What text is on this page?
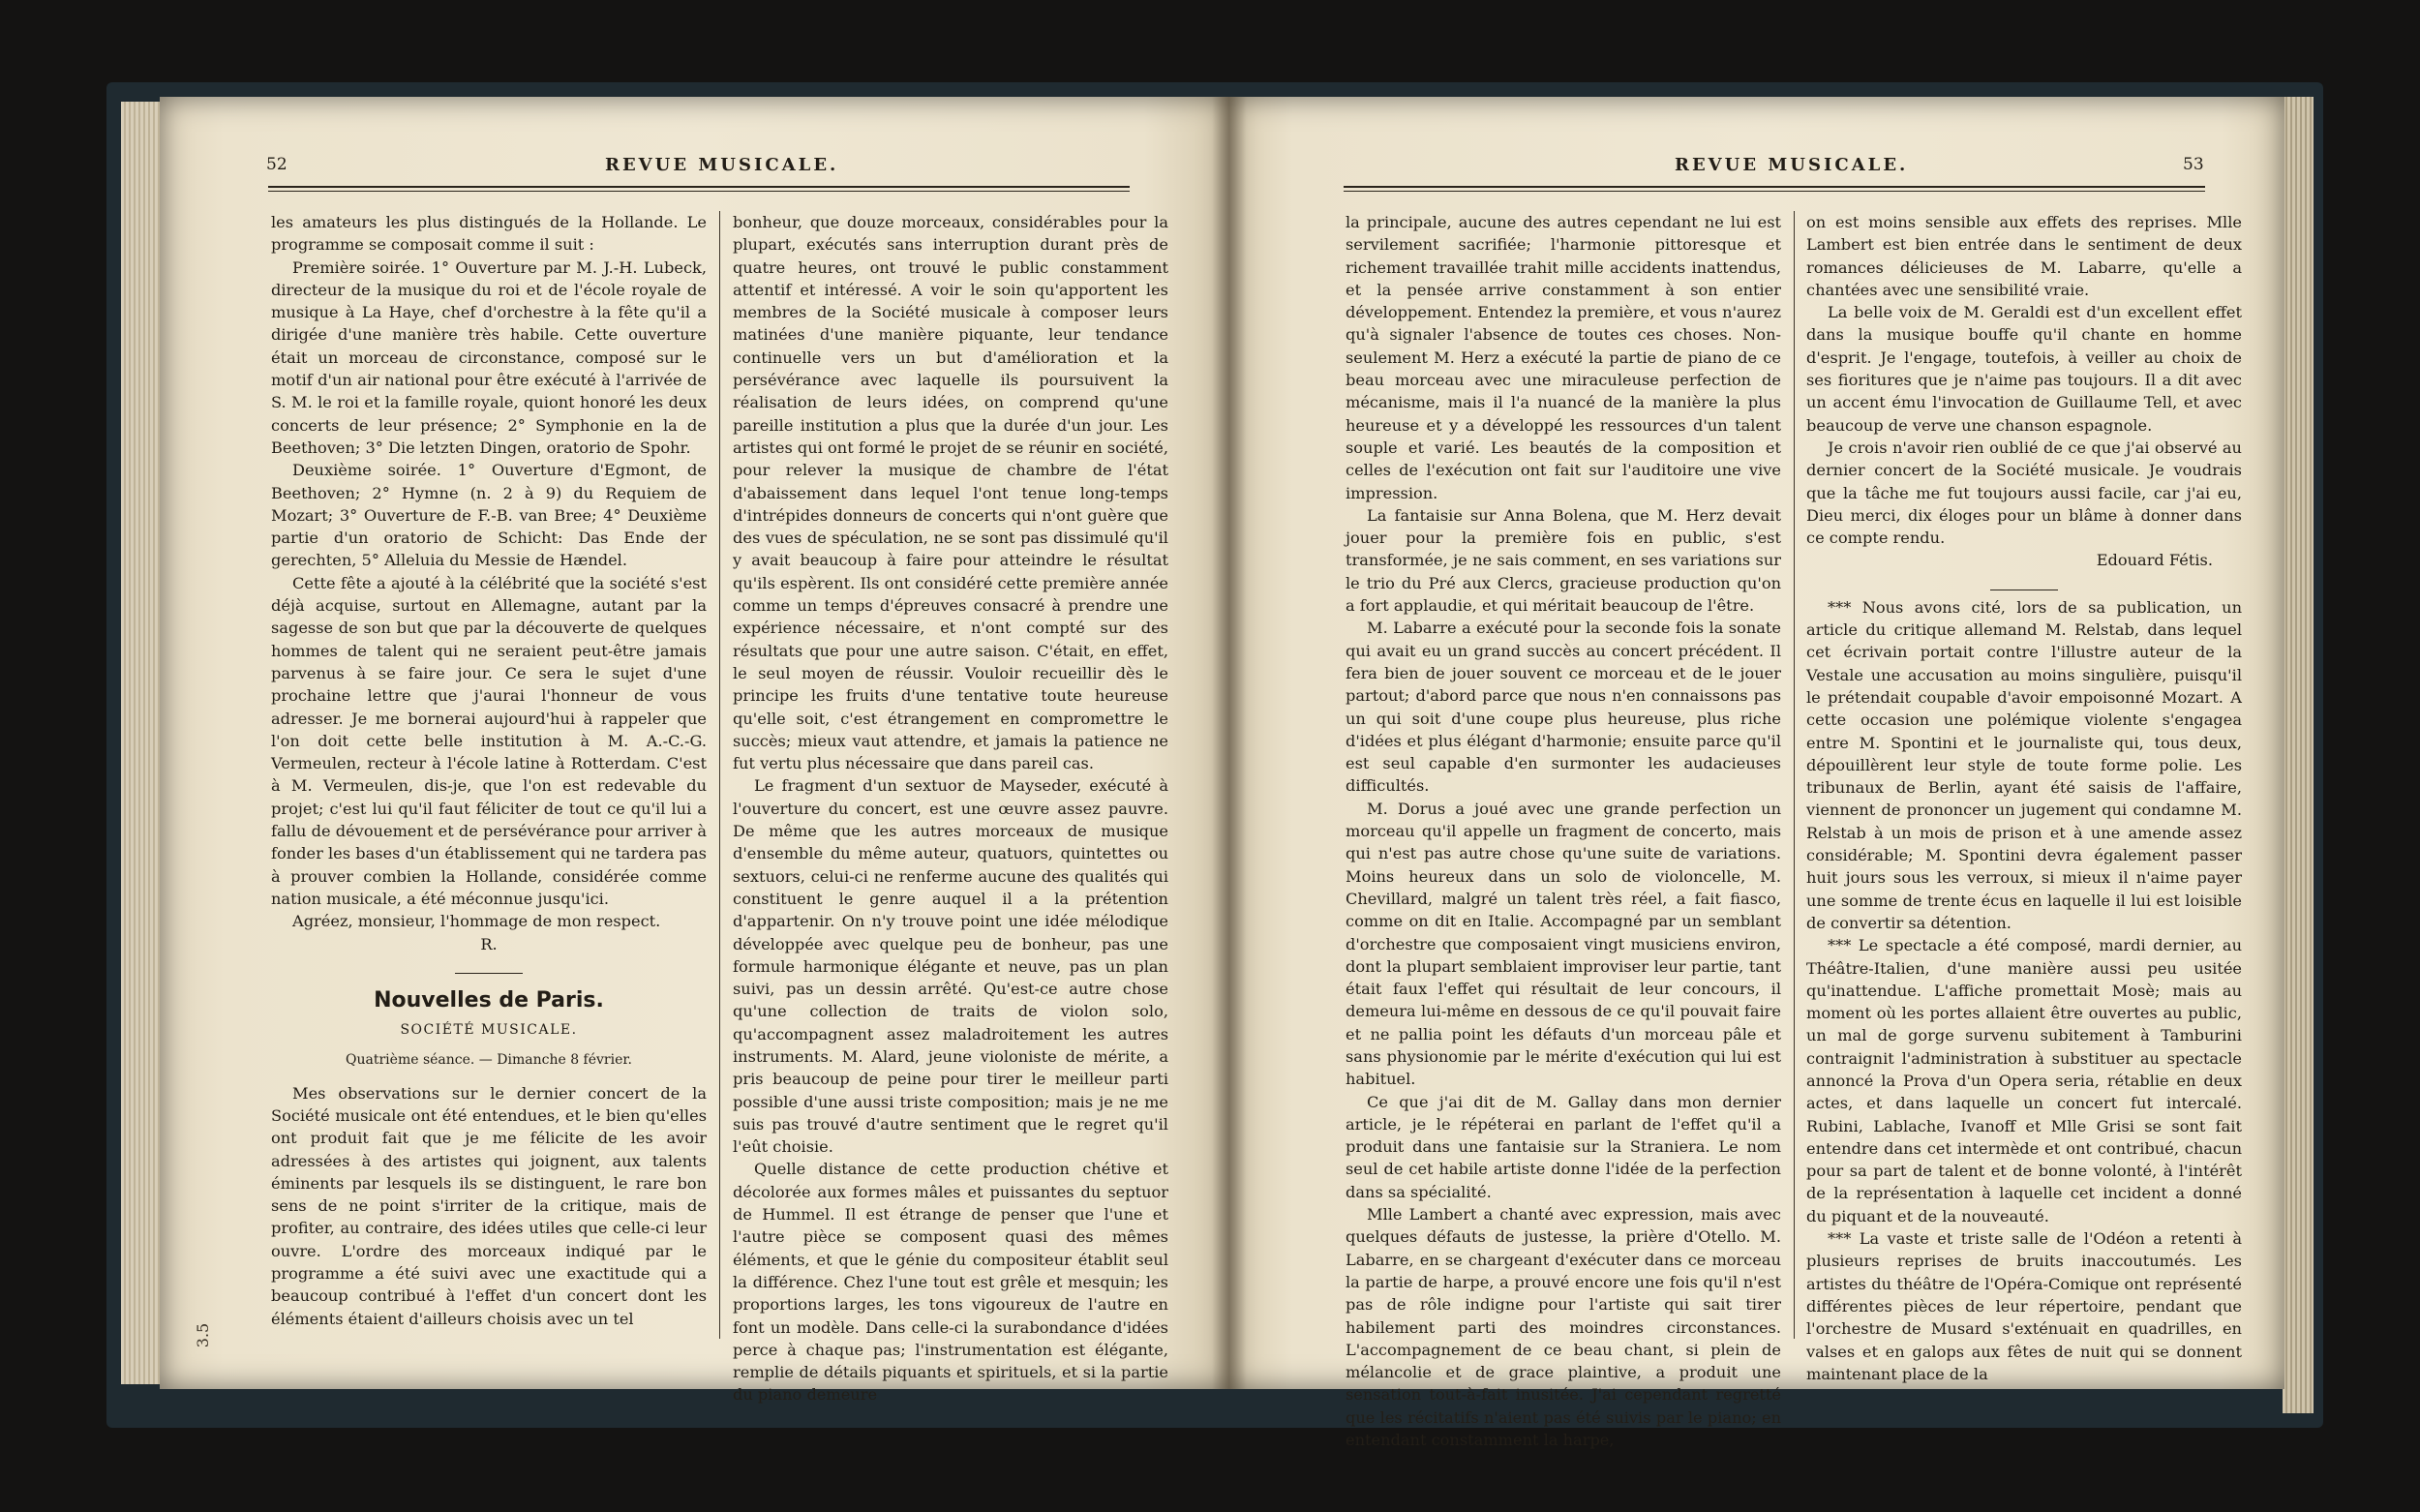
52	REVUE MUSICALE.

les amateurs les plus distingués de la Hollande. Le programme se composait comme il suit :

Première soirée. 1° Ouverture par M. J.-H. Lubeck, directeur de la musique du roi et de l'école royale de musique à La Haye, chef d'orchestre à la fête qu'il a dirigée d'une manière très habile. Cette ouverture était un morceau de circonstance, composé sur le motif d'un air national pour être exécuté à l'arrivée de S. M. le roi et la famille royale, quiont honoré les deux concerts de leur présence; 2° Symphonie en la de Beethoven; 3° Die letzten Dingen, oratorio de Spohr.

Deuxième soirée. 1° Ouverture d'Egmont, de Beethoven; 2° Hymne (n. 2 à 9) du Requiem de Mozart; 3° Ouverture de F.-B. van Bree; 4° Deuxième partie d'un oratorio de Schicht: Das Ende der gerechten, 5° Alleluia du Messie de Hændel.

Cette fête a ajouté à la célébrité que la société s'est déjà acquise, surtout en Allemagne, autant par la sagesse de son but que par la découverte de quelques hommes de talent qui ne seraient peut-être jamais parvenus à se faire jour. Ce sera le sujet d'une prochaine lettre que j'aurai l'honneur de vous adresser. Je me bornerai aujourd'hui à rappeler que l'on doit cette belle institution à M. A.-C.-G. Vermeulen, recteur à l'école latine à Rotterdam. C'est à M. Vermeulen, dis-je, que l'on est redevable du projet; c'est lui qu'il faut féliciter de tout ce qu'il lui a fallu de dévouement et de persévérance pour arriver à fonder les bases d'un établissement qui ne tardera pas à prouver combien la Hollande, considérée comme nation musicale, a été méconnue jusqu'ici.

Agréez, monsieur, l'hommage de mon respect.

R.

Nouvelles de Paris.

SOCIÉTÉ MUSICALE.

Quatrième séance. — Dimanche 8 février.

Mes observations sur le dernier concert de la Société musicale ont été entendues, et le bien qu'elles ont produit fait que je me félicite de les avoir adressées à des artistes qui joignent, aux talents éminents par lesquels ils se distinguent, le rare bon sens de ne point s'irriter de la critique, mais de profiter, au contraire, des idées utiles que celle-ci leur ouvre. L'ordre des morceaux indiqué par le programme a été suivi avec une exactitude qui a beaucoup contribué à l'effet d'un concert dont les éléments étaient d'ailleurs choisis avec un tel

bonheur, que douze morceaux, considérables pour la plupart, exécutés sans interruption durant près de quatre heures, ont trouvé le public constamment attentif et intéressé. A voir le soin qu'apportent les membres de la Société musicale à composer leurs matinées d'une manière piquante, leur tendance continuelle vers un but d'amélioration et la persévérance avec laquelle ils poursuivent la réalisation de leurs idées, on comprend qu'une pareille institution a plus que la durée d'un jour. Les artistes qui ont formé le projet de se réunir en société, pour relever la musique de chambre de l'état d'abaissement dans lequel l'ont tenue long-temps d'intrépides donneurs de concerts qui n'ont guère que des vues de spéculation, ne se sont pas dissimulé qu'il y avait beaucoup à faire pour atteindre le résultat qu'ils espèrent. Ils ont considéré cette première année comme un temps d'épreuves consacré à prendre une expérience nécessaire, et n'ont compté sur des résultats que pour une autre saison. C'était, en effet, le seul moyen de réussir. Vouloir recueillir dès le principe les fruits d'une tentative toute heureuse qu'elle soit, c'est étrangement en compromettre le succès; mieux vaut attendre, et jamais la patience ne fut vertu plus nécessaire que dans pareil cas.

Le fragment d'un sextuor de Mayseder, exécuté à l'ouverture du concert, est une œuvre assez pauvre. De même que les autres morceaux de musique d'ensemble du même auteur, quatuors, quintettes ou sextuors, celui-ci ne renferme aucune des qualités qui constituent le genre auquel il a la prétention d'appartenir. On n'y trouve point une idée mélodique développée avec quelque peu de bonheur, pas une formule harmonique élégante et neuve, pas un plan suivi, pas un dessin arrêté. Qu'est-ce autre chose qu'une collection de traits de violon solo, qu'accompagnent assez maladroitement les autres instruments. M. Alard, jeune violoniste de mérite, a pris beaucoup de peine pour tirer le meilleur parti possible d'une aussi triste composition; mais je ne me suis pas trouvé d'autre sentiment que le regret qu'il l'eût choisie.

Quelle distance de cette production chétive et décolorée aux formes mâles et puissantes du septuor de Hummel. Il est étrange de penser que l'une et l'autre pièce se composent quasi des mêmes éléments, et que le génie du compositeur établit seul la différence. Chez l'une tout est grêle et mesquin; les proportions larges, les tons vigoureux de l'autre en font un modèle. Dans celle-ci la surabondance d'idées perce à chaque pas; l'instrumentation est élégante, remplie de détails piquants et spirituels, et si la partie du piano demeure

3.5
REVUE MUSICALE.	53

la principale, aucune des autres cependant ne lui est servilement sacrifiée; l'harmonie pittoresque et richement travaillée trahit mille accidents inattendus, et la pensée arrive constamment à son entier développement. Entendez la première, et vous n'aurez qu'à signaler l'absence de toutes ces choses. Non-seulement M. Herz a exécuté la partie de piano de ce beau morceau avec une miraculeuse perfection de mécanisme, mais il l'a nuancé de la manière la plus heureuse et y a développé les ressources d'un talent souple et varié. Les beautés de la composition et celles de l'exécution ont fait sur l'auditoire une vive impression.

La fantaisie sur Anna Bolena, que M. Herz devait jouer pour la première fois en public, s'est transformée, je ne sais comment, en ses variations sur le trio du Pré aux Clercs, gracieuse production qu'on a fort applaudie, et qui méritait beaucoup de l'être.

M. Labarre a exécuté pour la seconde fois la sonate qui avait eu un grand succès au concert précédent. Il fera bien de jouer souvent ce morceau et de le jouer partout; d'abord parce que nous n'en connaissons pas un qui soit d'une coupe plus heureuse, plus riche d'idées et plus élégant d'harmonie; ensuite parce qu'il est seul capable d'en surmonter les audacieuses difficultés.

M. Dorus a joué avec une grande perfection un morceau qu'il appelle un fragment de concerto, mais qui n'est pas autre chose qu'une suite de variations. Moins heureux dans un solo de violoncelle, M. Chevillard, malgré un talent très réel, a fait fiasco, comme on dit en Italie. Accompagné par un semblant d'orchestre que composaient vingt musiciens environ, dont la plupart semblaient improviser leur partie, tant était faux l'effet qui résultait de leur concours, il demeura lui-même en dessous de ce qu'il pouvait faire et ne pallia point les défauts d'un morceau pâle et sans physionomie par le mérite d'exécution qui lui est habituel.

Ce que j'ai dit de M. Gallay dans mon dernier article, je le répéterai en parlant de l'effet qu'il a produit dans une fantaisie sur la Straniera. Le nom seul de cet habile artiste donne l'idée de la perfection dans sa spécialité.

Mlle Lambert a chanté avec expression, mais avec quelques défauts de justesse, la prière d'Otello. M. Labarre, en se chargeant d'exécuter dans ce morceau la partie de harpe, a prouvé encore une fois qu'il n'est pas de rôle indigne pour l'artiste qui sait tirer habilement parti des moindres circonstances. L'accompagnement de ce beau chant, si plein de mélancolie et de grace plaintive, a produit une sensation tout-à-fait inusitée. J'ai cependant regretté que les récitatifs n'aient pas été suivis par le piano; en entendant constamment la harpe,

on est moins sensible aux effets des reprises. Mlle Lambert est bien entrée dans le sentiment de deux romances délicieuses de M. Labarre, qu'elle a chantées avec une sensibilité vraie.

La belle voix de M. Geraldi est d'un excellent effet dans la musique bouffe qu'il chante en homme d'esprit. Je l'engage, toutefois, à veiller au choix de ses fioritures que je n'aime pas toujours. Il a dit avec un accent ému l'invocation de Guillaume Tell, et avec beaucoup de verve une chanson espagnole.

Je crois n'avoir rien oublié de ce que j'ai observé au dernier concert de la Société musicale. Je voudrais que la tâche me fut toujours aussi facile, car j'ai eu, Dieu merci, dix éloges pour un blâme à donner dans ce compte rendu.

Edouard Fétis.

*** Nous avons cité, lors de sa publication, un article du critique allemand M. Relstab, dans lequel cet écrivain portait contre l'illustre auteur de la Vestale une accusation au moins singulière, puisqu'il le prétendait coupable d'avoir empoisonné Mozart. A cette occasion une polémique violente s'engagea entre M. Spontini et le journaliste qui, tous deux, dépouillèrent leur style de toute forme polie. Les tribunaux de Berlin, ayant été saisis de l'affaire, viennent de prononcer un jugement qui condamne M. Relstab à un mois de prison et à une amende assez considérable; M. Spontini devra également passer huit jours sous les verroux, si mieux il n'aime payer une somme de trente écus en laquelle il lui est loisible de convertir sa détention.

*** Le spectacle a été composé, mardi dernier, au Théâtre-Italien, d'une manière aussi peu usitée qu'inattendue. L'affiche promettait Mosè; mais au moment où les portes allaient être ouvertes au public, un mal de gorge survenu subitement à Tamburini contraignit l'administration à substituer au spectacle annoncé la Prova d'un Opera seria, rétablie en deux actes, et dans laquelle un concert fut intercalé. Rubini, Lablache, Ivanoff et Mlle Grisi se sont fait entendre dans cet intermède et ont contribué, chacun pour sa part de talent et de bonne volonté, à l'intérêt de la représentation à laquelle cet incident a donné du piquant et de la nouveauté.

*** La vaste et triste salle de l'Odéon a retenti à plusieurs reprises de bruits inaccoutumés. Les artistes du théâtre de l'Opéra-Comique ont représenté différentes pièces de leur répertoire, pendant que l'orchestre de Musard s'exténuait en quadrilles, en valses et en galops aux fêtes de nuit qui se donnent maintenant place de la
